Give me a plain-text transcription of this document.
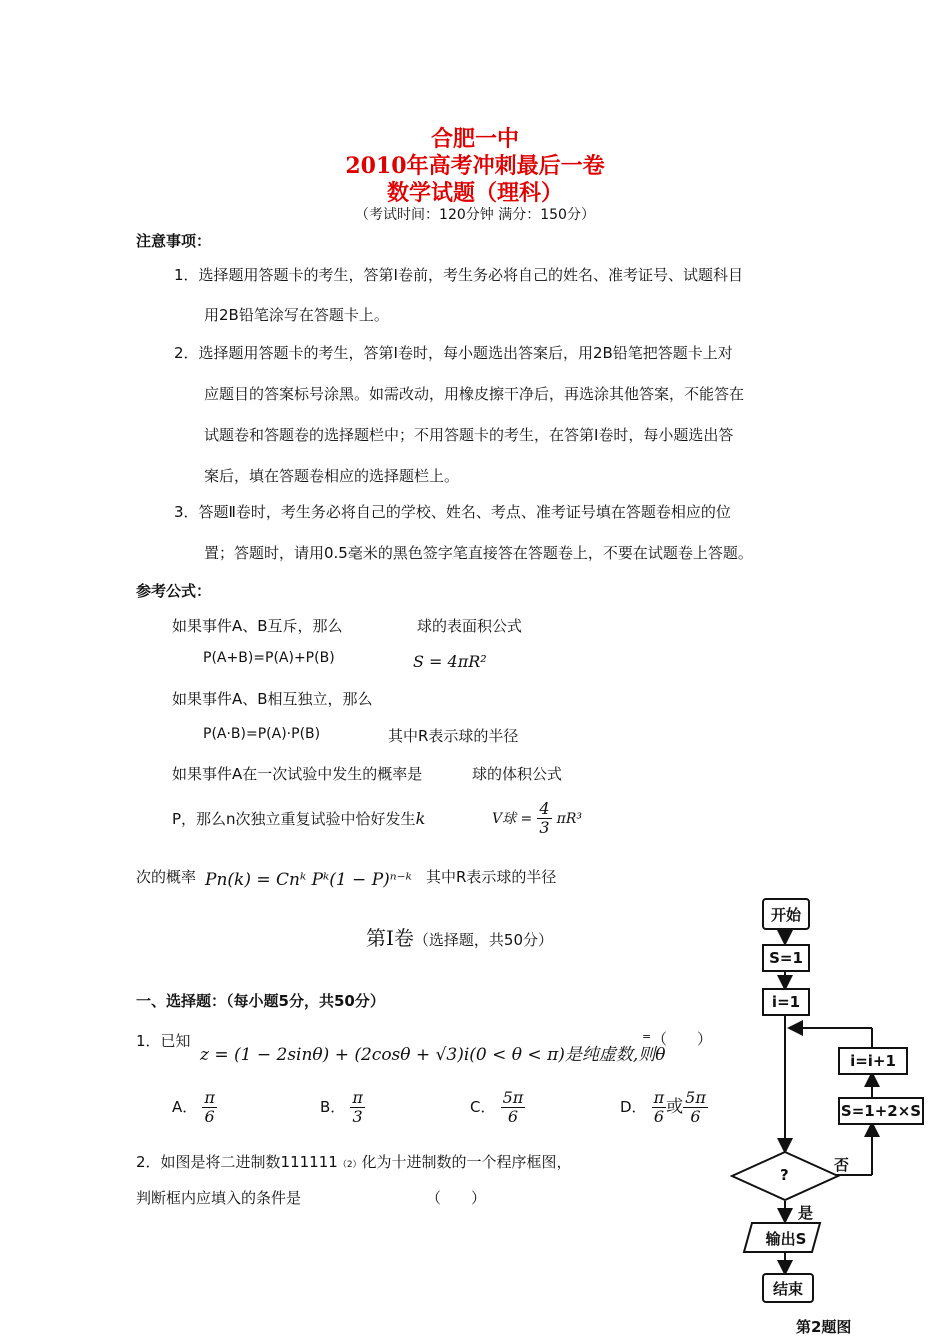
合肥一中
2010年高考冲刺最后一卷
数学试题（理科）
（考试时间：120分钟 满分：150分）
注意事项：
1．选择题用答题卡的考生，答第Ⅰ卷前，考生务必将自己的姓名、准考证号、试题科目
用2B铅笔涂写在答题卡上。
2．选择题用答题卡的考生，答第Ⅰ卷时，每小题选出答案后，用2B铅笔把答题卡上对
应题目的答案标号涂黑。如需改动，用橡皮擦干净后，再选涂其他答案，不能答在
试题卷和答题卷的选择题栏中；不用答题卡的考生，在答第Ⅰ卷时，每小题选出答
案后，填在答题卷相应的选择题栏上。
3．答题Ⅱ卷时，考生务必将自己的学校、姓名、考点、准考证号填在答题卷相应的位
置；答题时，请用0.5毫米的黑色签字笔直接答在答题卷上，不要在试题卷上答题。
参考公式：
如果事件A、B互斥，那么	球的表面积公式
P(A+B)=P(A)+P(B)	S = 4πR²
如果事件A、B相互独立，那么
P(A·B)=P(A)·P(B)	其中R表示球的半径
如果事件A在一次试验中发生的概率是	球的体积公式
P，那么n次独立重复试验中恰好发生k	V球 = $\frac{4}{3} \pi R^3$
次的概率 Pn(k) = Cnᵏ Pᵏ(1 − P)ⁿ⁻ᵏ 其中R表示球的半径
第Ⅰ卷（选择题，共50分）
一、选择题：（每小题5分，共50分）
1．已知
z = (1 − 2sinθ) + (2cosθ + √3)i(0 < θ < π)是纯虚数,则θ
= （　　）
A． $\frac{\pi}{6}$	B． $\frac{\pi}{3}$	C． $\frac{5\pi}{6}$	D． $\frac{\pi}{6}$ 或 $\frac{5\pi}{6}$
2．如图是将二进制数111111（2）化为十进制数的一个程序框图，
判断框内应填入的条件是	（　　）
开始
S=1
i=1
i=i+1
S=1+2×S
?
否
是
输出S
结束
第2题图
